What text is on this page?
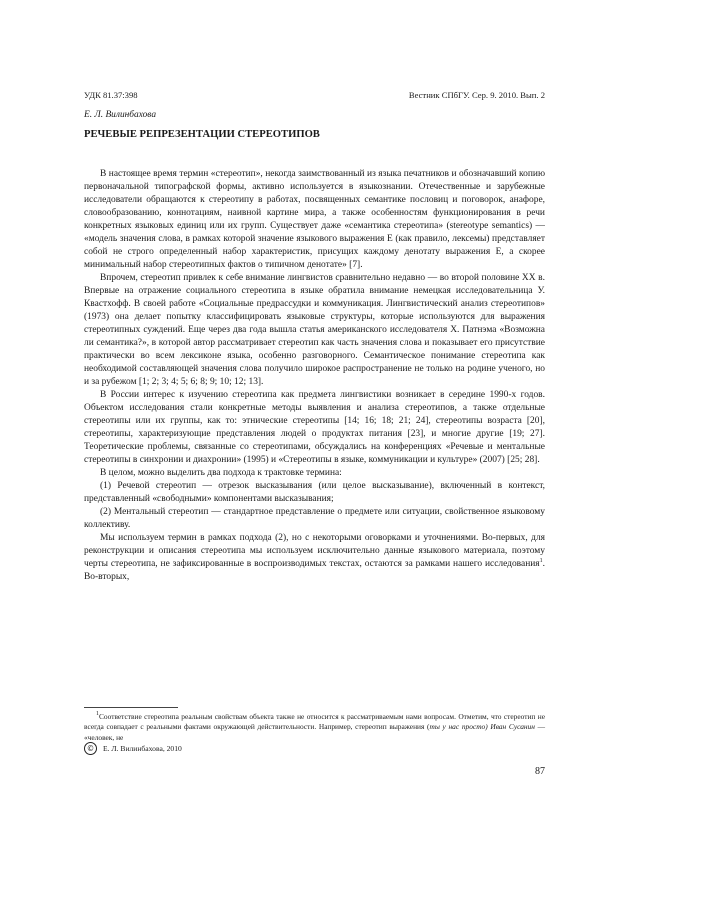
УДК 81.37:398	Вестник СПбГУ. Сер. 9. 2010. Вып. 2
Е. Л. Вилинбахова
РЕЧЕВЫЕ РЕПРЕЗЕНТАЦИИ СТЕРЕОТИПОВ

В настоящее время термин «стереотип», некогда заимствованный из языка печатников и обозначавший копию первоначальной типографской формы, активно используется в языкознании. Отечественные и зарубежные исследователи обращаются к стереотипу в работах, посвященных семантике пословиц и поговорок, анафоре, словообразованию, коннотациям, наивной картине мира, а также особенностям функционирования в речи конкретных языковых единиц или их групп. Существует даже «семантика стереотипа» (stereotype semantics) — «модель значения слова, в рамках которой значение языкового выражения Е (как правило, лексемы) представляет собой не строго определенный набор характеристик, присущих каждому денотату выражения Е, а скорее минимальный набор стереотипных фактов о типичном денотате» [7].

Впрочем, стереотип привлек к себе внимание лингвистов сравнительно недавно — во второй половине XX в. Впервые на отражение социального стереотипа в языке обратила внимание немецкая исследовательница У. Квастхофф. В своей работе «Социальные предрассудки и коммуникация. Лингвистический анализ стереотипов» (1973) она делает попытку классифицировать языковые структуры, которые используются для выражения стереотипных суждений. Еще через два года вышла статья американского исследователя Х. Патнэма «Возможна ли семантика?», в которой автор рассматривает стереотип как часть значения слова и показывает его присутствие практически во всем лексиконе языка, особенно разговорного. Семантическое понимание стереотипа как необходимой составляющей значения слова получило широкое распространение не только на родине ученого, но и за рубежом [1; 2; 3; 4; 5; 6; 8; 9; 10; 12; 13].

В России интерес к изучению стереотипа как предмета лингвистики возникает в середине 1990-х годов. Объектом исследования стали конкретные методы выявления и анализа стереотипов, а также отдельные стереотипы или их группы, как то: этнические стереотипы [14; 16; 18; 21; 24], стереотипы возраста [20], стереотипы, характеризующие представления людей о продуктах питания [23], и многие другие [19; 27]. Теоретические проблемы, связанные со стереотипами, обсуждались на конференциях «Речевые и ментальные стереотипы в синхронии и диахронии» (1995) и «Стереотипы в языке, коммуникации и культуре» (2007) [25; 28].

В целом, можно выделить два подхода к трактовке термина:

(1) Речевой стереотип — отрезок высказывания (или целое высказывание), включенный в контекст, представленный «свободными» компонентами высказывания;

(2) Ментальный стереотип — стандартное представление о предмете или ситуации, свойственное языковому коллективу.

Мы используем термин в рамках подхода (2), но с некоторыми оговорками и уточнениями. Во-первых, для реконструкции и описания стереотипа мы используем исключительно данные языкового материала, поэтому черты стереотипа, не зафиксированные в воспроизводимых текстах, остаются за рамками нашего исследования$^1$. Во-вторых,

$^1$Соответствие стереотипа реальным свойствам объекта также не относится к рассматриваемым нами вопросам. Отметим, что стереотип не всегда совпадает с реальными фактами окружающей действительности. Например, стереотип выражения (ты у нас просто) Иван Сусанин — «человек, не

©	Е. Л. Вилинбахова, 2010
87
